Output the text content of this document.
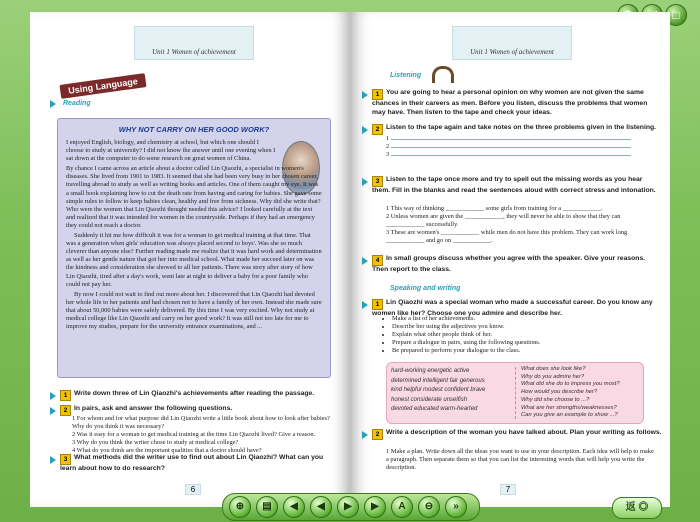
□
Unit 1 Women of achievement
Using Language
Reading
WHY NOT CARRY ON HER GOOD WORK?

I enjoyed English, biology, and chemistry at school, but which one should I choose to study at university? I did not know the answer until one evening when I sat down at the computer to do some research on great women of China.

By chance I came across an article about a doctor called Lin Qiaozhi, a specialist in women's diseases. She lived from 1901 to 1983. It seemed that she had been very busy in her chosen career, travelling abroad to study as well as writing books and articles. One of them caught my eye. It was a small book explaining how to cut the death rate from having and caring for babies. She gave some simple rules to follow to keep babies clean, healthy and free from sickness. Why did she write that? Who were the women that Lin Qiaozhi thought needed this advice? I looked carefully at the text and realized that it was intended for women in the countryside. Perhaps if they had an emergency they could not reach a doctor.

Suddenly it hit me how difficult it was for a woman to get medical training at that time. That was a generation when girls' education was always placed second to boys'. Was she so much cleverer than anyone else? Further reading made me realize that it was hard work and determination as well as her gentle nature that got her into medical school. What made her succeed later on was the kindness and consideration she showed to all her patients. There was story after story of how Lin Qiaozhi, tired after a day's work, went late at night to deliver a baby for a poor family who could not pay her.

By now I could not wait to find out more about her. I discovered that Lin Qiaozhi had devoted her whole life to her patients and had chosen not to have a family of her own. Instead she made sure that about 50,000 babies were safely delivered. By this time I was very excited. Why not study at medical college like Lin Qiaozhi and carry on her good work? It was still not too late for me to improve my studies, prepare for the university entrance examinations, and ...

1 Write down three of Lin Qiaozhi's achievements after reading the passage.
2 In pairs, ask and answer the following questions.
1 For whom and for what purpose did Lin Qiaozhi write a little book about how to look after babies? Why do you think it was necessary?
2 Was it easy for a woman to get medical training at the time Lin Qiaozhi lived? Give a reason.
3 Why do you think the writer chose to study at medical college?
4 What do you think are the important qualities that a doctor should have?
3 What methods did the writer use to find out about Lin Qiaozhi? What can you learn about how to do research?
6
Unit 1 Women of achievement
Listening
1 You are going to hear a personal opinion on why women are not given the same chances in their careers as men. Before you listen, discuss the problems that women may have. Then listen to the tape and check your ideas.
2 Listen to the tape again and take notes on the three problems given in the listening.
1
2
3
3 Listen to the tape once more and try to spell out the missing words as you hear them. Fill in the blanks and read the sentences aloud with correct stress and intonation.
1 This way of thinking ____________ some girls from training for a ____________.
2 Unless women are given the ____________, they will never be able to show that they can ____________ successfully.
3 These are women's ____________ while men do not have this problem. They can work long ____________ and go on ____________.
4 In small groups discuss whether you agree with the speaker. Give your reasons. Then report to the class.
Speaking and writing
1 Lin Qiaozhi was a special woman who made a successful career. Do you know any women like her? Choose one you admire and describe her.
• Make a list of her achievements.
• Describe her using the adjectives you know.
• Explain what other people think of her.
• Prepare a dialogue in pairs, using the following questions.
• Be prepared to perform your dialogue to the class.
hard-working energetic active
determined intelligent fair generous
kind helpful modest confident brave
honest considerate unselfish
devoted educated warm-hearted
What does she look like?
Why do you admire her?
What did she do to impress you most?
How would you describe her?
Why did she choose to ...?
What are her strengths/weaknesses?
Can you give an example to show ...?
2 Write a description of the woman you have talked about. Plan your writing as follows.
1 Make a plan. Write down all the ideas you want to use in your description. Each idea will help to make a paragraph. Then separate them so that you can list the interesting words that will help you write the description.
7
⊕	▤	◀	◀	▶	▶	A	⊖	»	返 ◎
